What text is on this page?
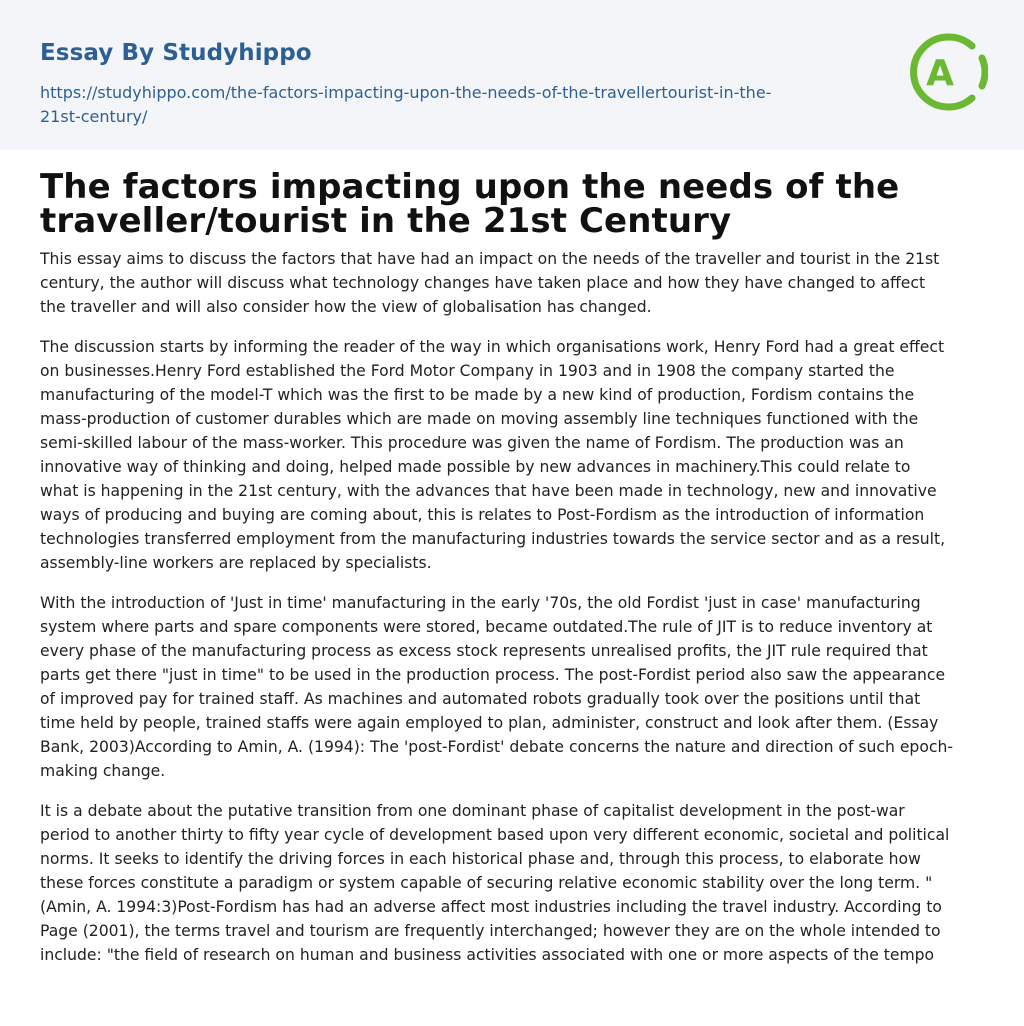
Essay By Studyhippo
https://studyhippo.com/the-factors-impacting-upon-the-needs-of-the-travellertourist-in-the-
21st-century/
A
The factors impacting upon the needs of the
traveller/tourist in the 21st Century

This essay aims to discuss the factors that have had an impact on the needs of the traveller and tourist in the 21st
century, the author will discuss what technology changes have taken place and how they have changed to affect
the traveller and will also consider how the view of globalisation has changed.

The discussion starts by informing the reader of the way in which organisations work, Henry Ford had a great effect
on businesses.Henry Ford established the Ford Motor Company in 1903 and in 1908 the company started the
manufacturing of the model-T which was the first to be made by a new kind of production, Fordism contains the
mass-production of customer durables which are made on moving assembly line techniques functioned with the
semi-skilled labour of the mass-worker. This procedure was given the name of Fordism. The production was an
innovative way of thinking and doing, helped made possible by new advances in machinery.This could relate to
what is happening in the 21st century, with the advances that have been made in technology, new and innovative
ways of producing and buying are coming about, this is relates to Post-Fordism as the introduction of information
technologies transferred employment from the manufacturing industries towards the service sector and as a result,
assembly-line workers are replaced by specialists.

With the introduction of 'Just in time' manufacturing in the early '70s, the old Fordist 'just in case' manufacturing
system where parts and spare components were stored, became outdated.The rule of JIT is to reduce inventory at
every phase of the manufacturing process as excess stock represents unrealised profits, the JIT rule required that
parts get there "just in time" to be used in the production process. The post-Fordist period also saw the appearance
of improved pay for trained staff. As machines and automated robots gradually took over the positions until that
time held by people, trained staffs were again employed to plan, administer, construct and look after them. (Essay
Bank, 2003)According to Amin, A. (1994): The 'post-Fordist' debate concerns the nature and direction of such epoch-
making change.

It is a debate about the putative transition from one dominant phase of capitalist development in the post-war
period to another thirty to fifty year cycle of development based upon very different economic, societal and political
norms. It seeks to identify the driving forces in each historical phase and, through this process, to elaborate how
these forces constitute a paradigm or system capable of securing relative economic stability over the long term. "
(Amin, A. 1994:3)Post-Fordism has had an adverse affect most industries including the travel industry. According to
Page (2001), the terms travel and tourism are frequently interchanged; however they are on the whole intended to
include: "the field of research on human and business activities associated with one or more aspects of the tempo
